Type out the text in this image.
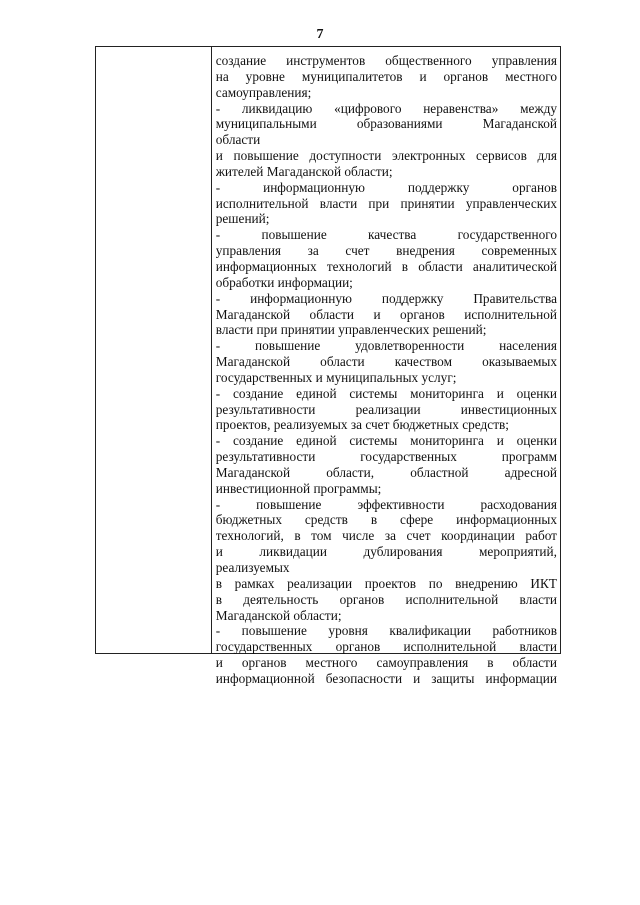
7
создание инструментов общественного управления
на уровне муниципалитетов и органов местного
самоуправления;
- ликвидацию «цифрового неравенства» между
муниципальными образованиями Магаданской
области
и повышение доступности электронных сервисов для
жителей Магаданской области;
- информационную поддержку органов
исполнительной власти при принятии управленческих
решений;
- повышение качества государственного
управления за счет внедрения современных
информационных технологий в области аналитической
обработки информации;
- информационную поддержку Правительства
Магаданской области и органов исполнительной
власти при принятии управленческих решений;
- повышение удовлетворенности населения
Магаданской области качеством оказываемых
государственных и муниципальных услуг;
- создание единой системы мониторинга и оценки
результативности реализации инвестиционных
проектов, реализуемых за счет бюджетных средств;
- создание единой системы мониторинга и оценки
результативности государственных программ
Магаданской области, областной адресной
инвестиционной программы;
- повышение эффективности расходования
бюджетных средств в сфере информационных
технологий, в том числе за счет координации работ
и ликвидации дублирования мероприятий,
реализуемых
в рамках реализации проектов по внедрению ИКТ
в деятельность органов исполнительной власти
Магаданской области;
- повышение уровня квалификации работников
государственных органов исполнительной власти
и органов местного самоуправления в области
информационной безопасности и защиты информации
